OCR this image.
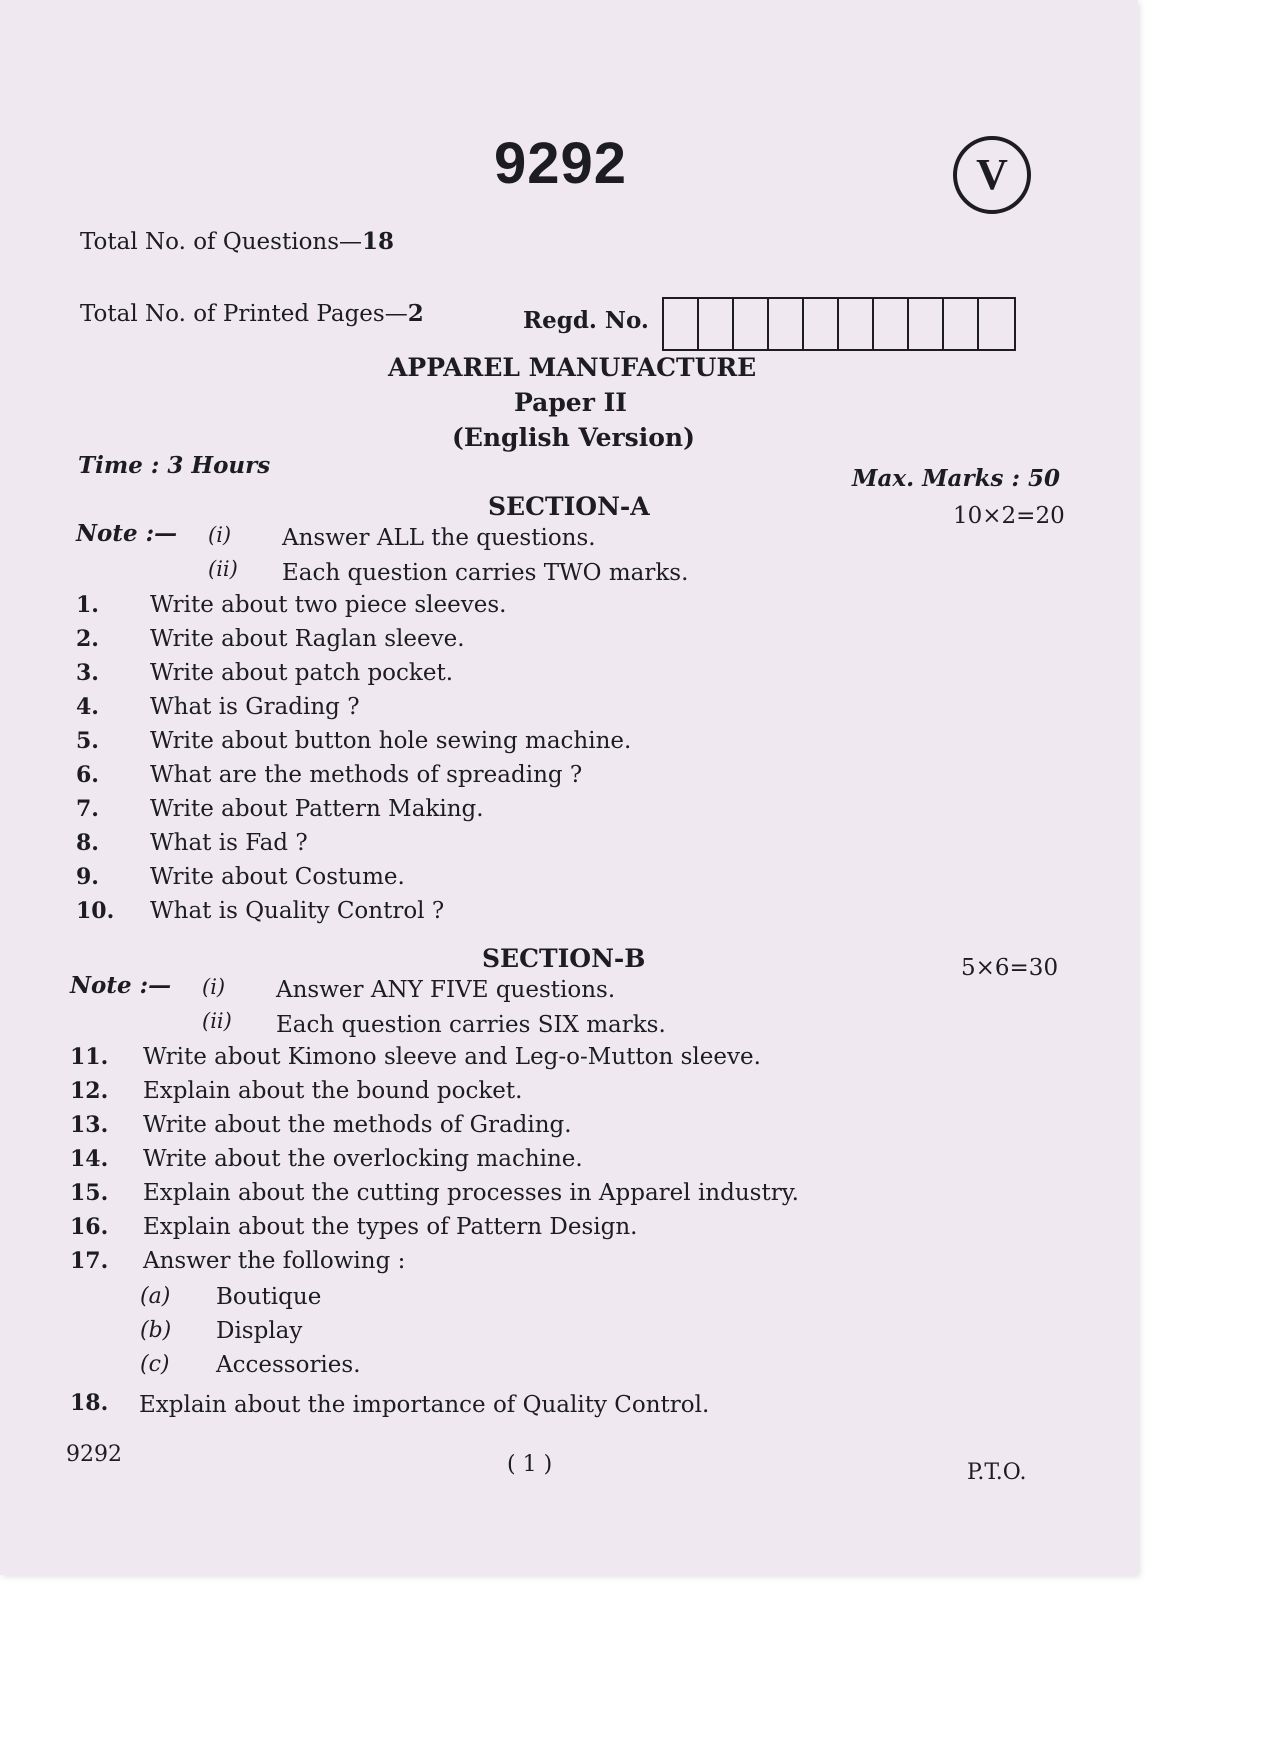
9292	V
Total No. of Questions—18
Total No. of Printed Pages—2	Regd. No.
APPAREL MANUFACTURE
Paper II
(English Version)
Time : 3 Hours	Max. Marks : 50
SECTION-A	10×2=20
Note :— (i) Answer ALL the questions.
(ii) Each question carries TWO marks.
1. Write about two piece sleeves.
2. Write about Raglan sleeve.
3. Write about patch pocket.
4. What is Grading ?
5. Write about button hole sewing machine.
6. What are the methods of spreading ?
7. Write about Pattern Making.
8. What is Fad ?
9. Write about Costume.
10. What is Quality Control ?
SECTION-B	5×6=30
Note :— (i) Answer ANY FIVE questions.
(ii) Each question carries SIX marks.
11. Write about Kimono sleeve and Leg-o-Mutton sleeve.
12. Explain about the bound pocket.
13. Write about the methods of Grading.
14. Write about the overlocking machine.
15. Explain about the cutting processes in Apparel industry.
16. Explain about the types of Pattern Design.
17. Answer the following :
(a) Boutique
(b) Display
(c) Accessories.
18. Explain about the importance of Quality Control.
9292	( 1 )	P.T.O.
